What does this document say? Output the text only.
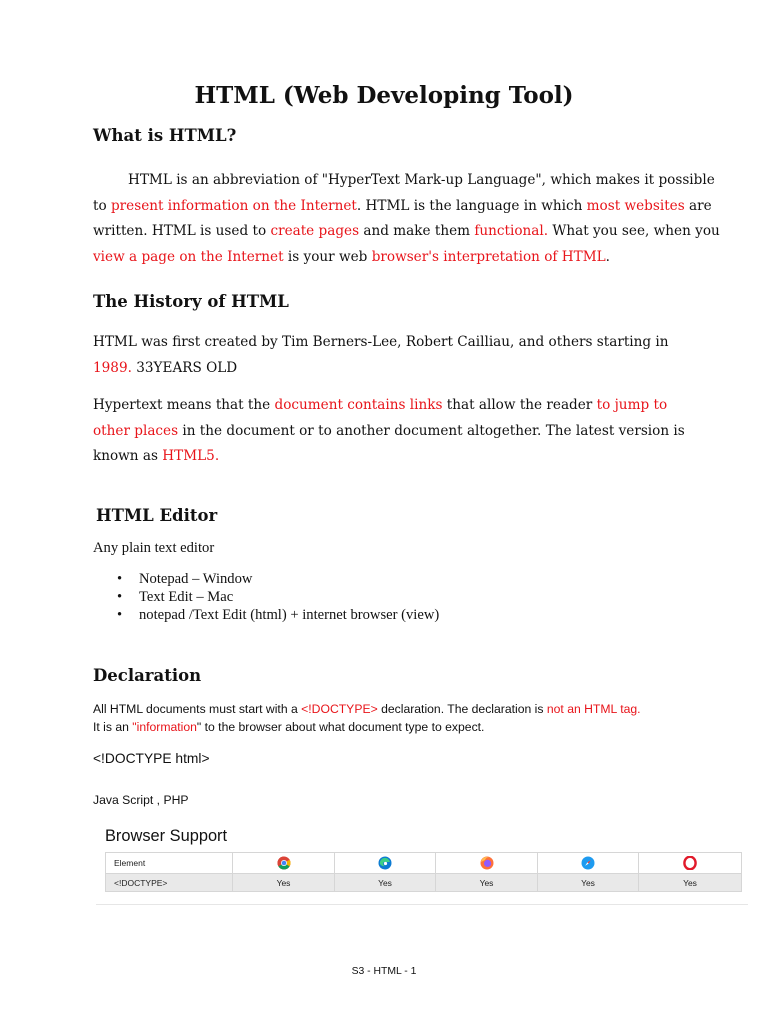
HTML (Web Developing Tool)
What is HTML?
HTML is an abbreviation of "HyperText Mark-up Language", which makes it possible
to present information on the Internet. HTML is the language in which most websites are
written. HTML is used to create pages and make them functional. What you see, when you
view a page on the Internet is your web browser's interpretation of HTML.
The History of HTML
HTML was first created by Tim Berners-Lee, Robert Cailliau, and others starting in
1989. 33YEARS OLD
Hypertext means that the document contains links that allow the reader to jump to
other places in the document or to another document altogether. The latest version is
known as HTML5.
HTML Editor

Any plain text editor

• Notepad – Window
• Text Edit – Mac
• notepad /Text Edit (html) + internet browser (view)
Declaration
All HTML documents must start with a <!DOCTYPE> declaration. The declaration is not an HTML tag.
It is an "information" to the browser about what document type to expect.

<!DOCTYPE html>

Java Script , PHP

Browser Support

Element					
<!DOCTYPE>	Yes	Yes	Yes	Yes	Yes

S3 - HTML - 1
